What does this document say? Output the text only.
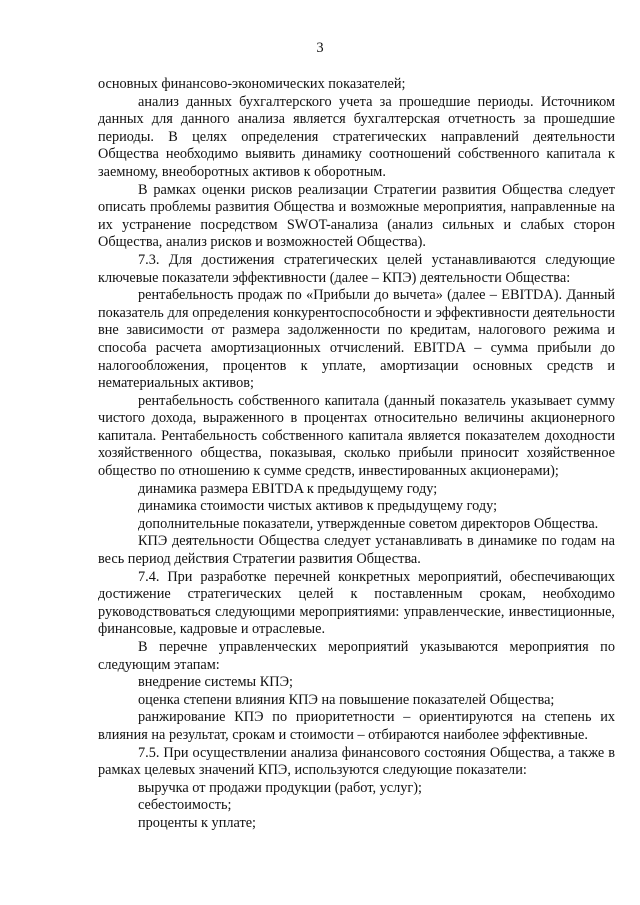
3

основных финансово-экономических показателей;

анализ данных бухгалтерского учета за прошедшие периоды. Источником данных для данного анализа является бухгалтерская отчетность за прошедшие периоды. В целях определения стратегических направлений деятельности Общества необходимо выявить динамику соотношений собственного капитала к заемному, внеоборотных активов к оборотным.

В рамках оценки рисков реализации Стратегии развития Общества следует описать проблемы развития Общества и возможные мероприятия, направленные на их устранение посредством SWOT-анализа (анализ сильных и слабых сторон Общества, анализ рисков и возможностей Общества).

7.3. Для достижения стратегических целей устанавливаются следующие ключевые показатели эффективности (далее – КПЭ) деятельности Общества:

рентабельность продаж по «Прибыли до вычета» (далее – EBITDA). Данный показатель для определения конкурентоспособности и эффективности деятельности вне зависимости от размера задолженности по кредитам, налогового режима и способа расчета амортизационных отчислений. EBITDA – сумма прибыли до налогообложения, процентов к уплате, амортизации основных средств и нематериальных активов;

рентабельность собственного капитала (данный показатель указывает сумму чистого дохода, выраженного в процентах относительно величины акционерного капитала. Рентабельность собственного капитала является показателем доходности хозяйственного общества, показывая, сколько прибыли приносит хозяйственное общество по отношению к сумме средств, инвестированных акционерами);

динамика размера EBITDA к предыдущему году;

динамика стоимости чистых активов к предыдущему году;

дополнительные показатели, утвержденные советом директоров Общества.

КПЭ деятельности Общества следует устанавливать в динамике по годам на весь период действия Стратегии развития Общества.

7.4. При разработке перечней конкретных мероприятий, обеспечивающих достижение стратегических целей к поставленным срокам, необходимо руководствоваться следующими мероприятиями: управленческие, инвестиционные, финансовые, кадровые и отраслевые.

В перечне управленческих мероприятий указываются мероприятия по следующим этапам:

внедрение системы КПЭ;

оценка степени влияния КПЭ на повышение показателей Общества;

ранжирование КПЭ по приоритетности – ориентируются на степень их влияния на результат, срокам и стоимости – отбираются наиболее эффективные.

7.5. При осуществлении анализа финансового состояния Общества, а также в рамках целевых значений КПЭ, используются следующие показатели:

выручка от продажи продукции (работ, услуг);

себестоимость;

проценты к уплате;
